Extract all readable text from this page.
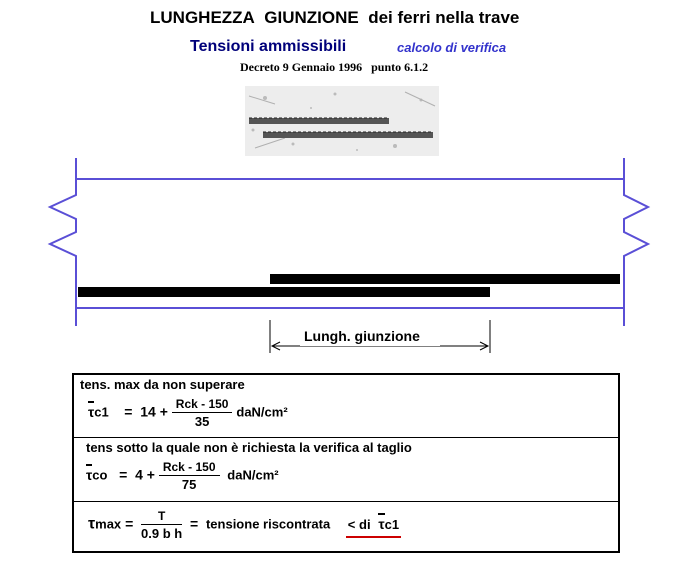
LUNGHEZZA GIUNZIONE dei ferri nella trave
Tensioni ammissibili	calcolo di verifica
Decreto 9 Gennaio 1996 punto 6.1.2
Lungh. giunzione
tens. max da non superare
$\tau c1 = 14 + \frac{\text{Rck - 150}}{35} daN/cm^2$
tens sotto la quale non è richiesta la verifica al taglio
$\tau co = 4 + \frac{\text{Rck - 150}}{75} daN/cm^2$
$\tau\max = \frac{T}{\text{0.9 b h}}$ = tensione riscontrata < di τc1
